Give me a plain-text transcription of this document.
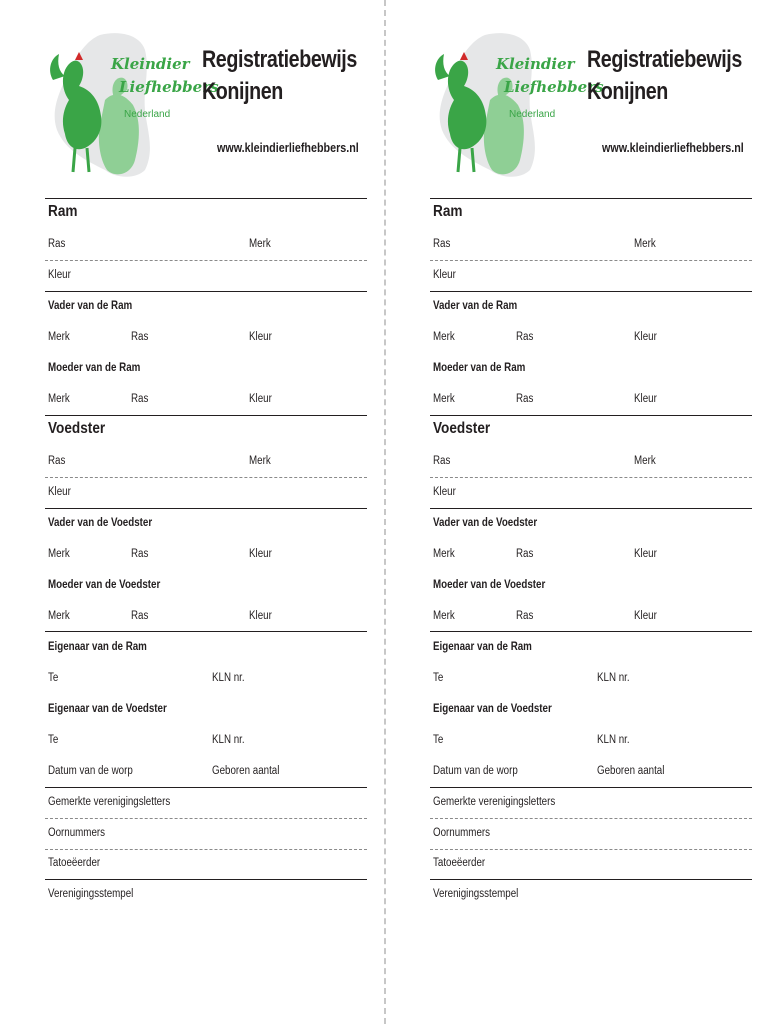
Kleindier
Liefhebbers
Nederland
Registratiebewijs
Konijnen
www.kleindierliefhebbers.nl
Ram
Ras	Merk
Kleur
Vader van de Ram
Merk	Ras	Kleur
Moeder van de Ram
Merk	Ras	Kleur
Voedster
Ras	Merk
Kleur
Vader van de Voedster
Merk	Ras	Kleur
Moeder van de Voedster
Merk	Ras	Kleur
Eigenaar van de Ram
Te	KLN nr.
Eigenaar van de Voedster
Te	KLN nr.
Datum van de worp	Geboren aantal
Gemerkte verenigingsletters
Oornummers
Tatoeëerder
Verenigingsstempel
Kleindier
Liefhebbers
Nederland
Registratiebewijs
Konijnen
www.kleindierliefhebbers.nl
Ram
Ras	Merk
Kleur
Vader van de Ram
Merk	Ras	Kleur
Moeder van de Ram
Merk	Ras	Kleur
Voedster
Ras	Merk
Kleur
Vader van de Voedster
Merk	Ras	Kleur
Moeder van de Voedster
Merk	Ras	Kleur
Eigenaar van de Ram
Te	KLN nr.
Eigenaar van de Voedster
Te	KLN nr.
Datum van de worp	Geboren aantal
Gemerkte verenigingsletters
Oornummers
Tatoeëerder
Verenigingsstempel
